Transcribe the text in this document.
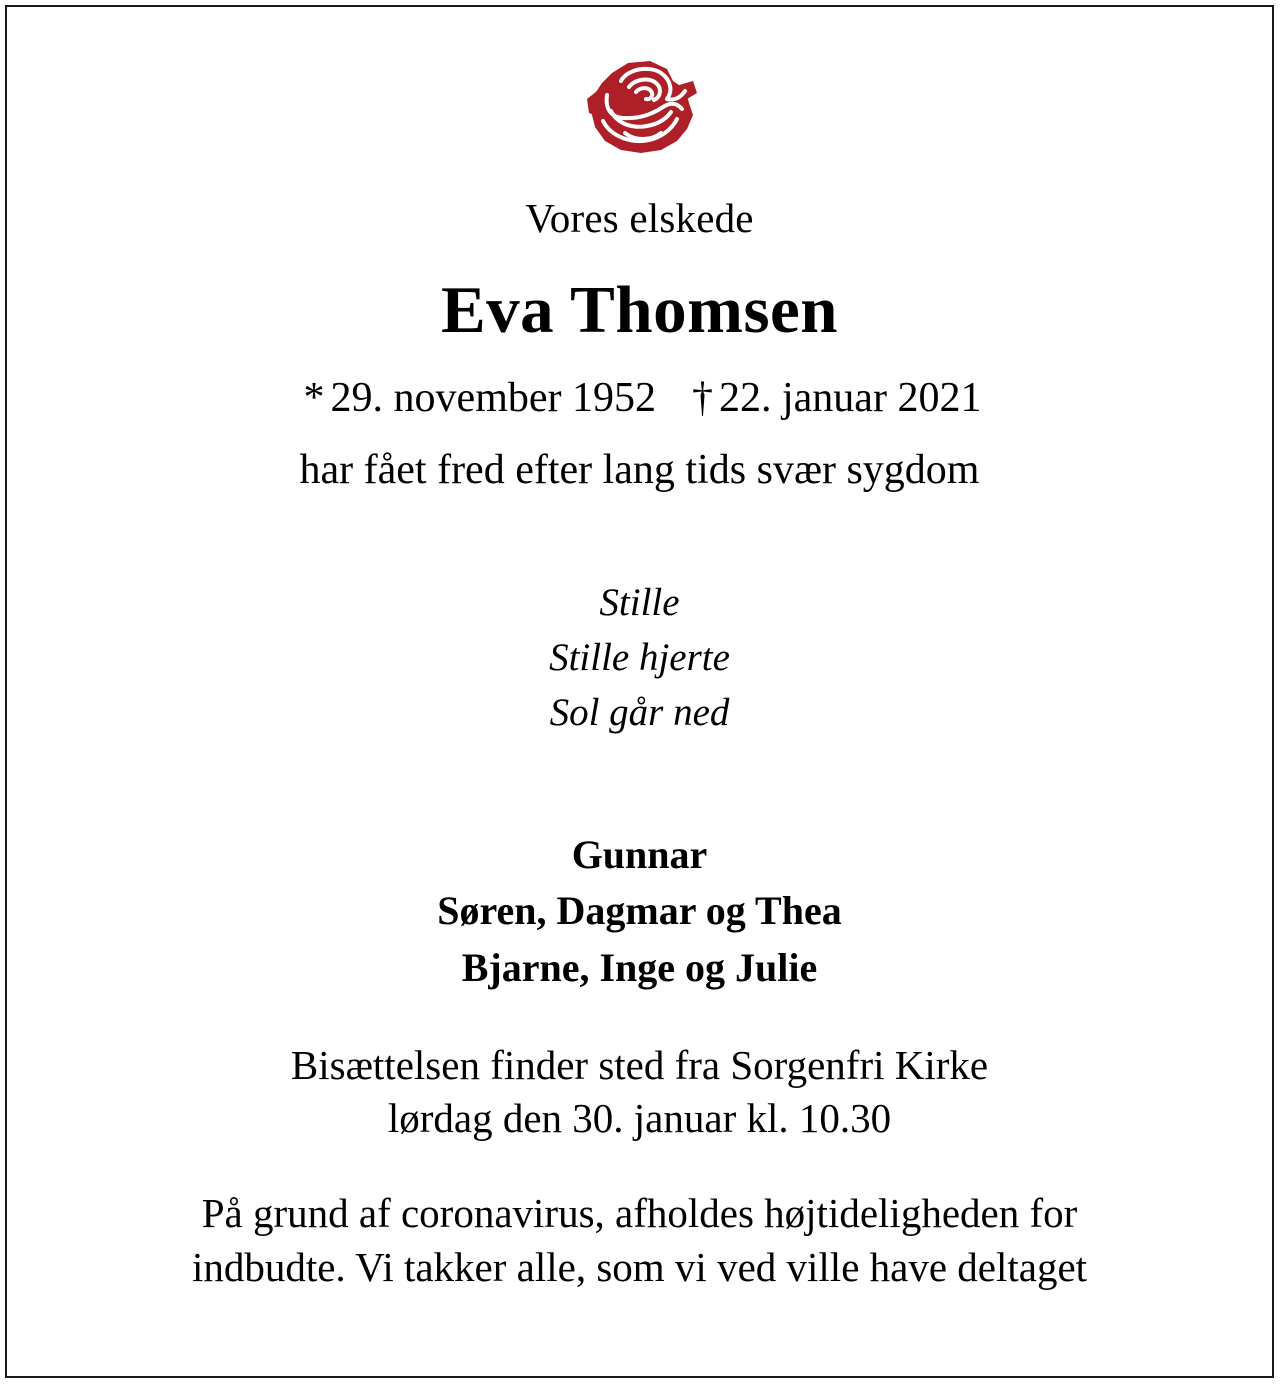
Vores elskede
Eva Thomsen
* 29. november 1952 † 22. januar 2021
har fået fred efter lang tids svær sygdom
Stille
Stille hjerte
Sol går ned
Gunnar
Søren, Dagmar og Thea
Bjarne, Inge og Julie
Bisættelsen finder sted fra Sorgenfri Kirke
lørdag den 30. januar kl. 10.30
På grund af coronavirus, afholdes højtideligheden for
indbudte. Vi takker alle, som vi ved ville have deltaget
